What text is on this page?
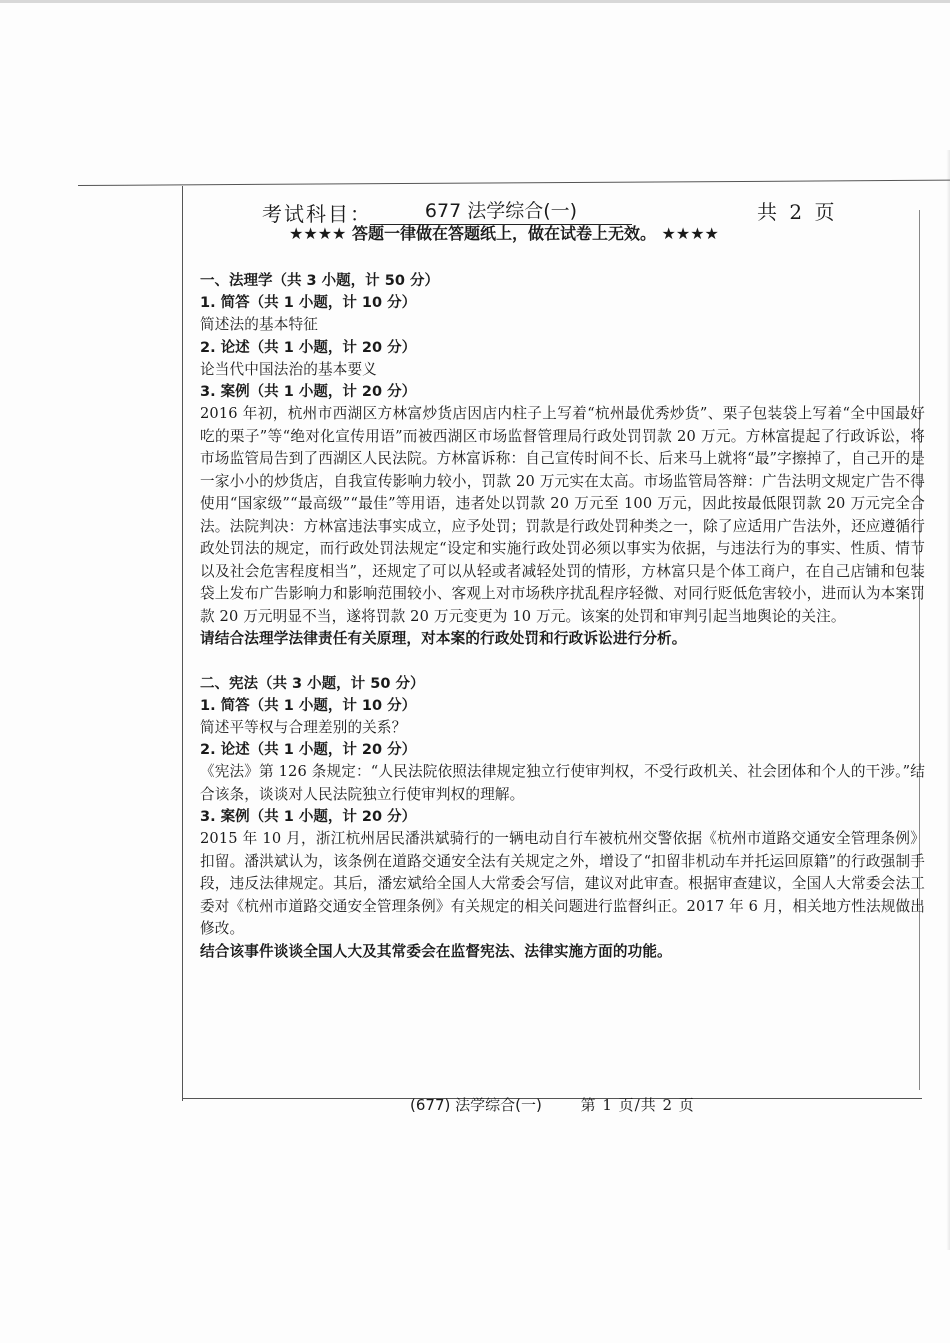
考试科目：	677 法学综合(一)	共 2 页
★★★★ 答题一律做在答题纸上，做在试卷上无效。 ★★★★

一、法理学（共 3 小题，计 50 分）

1. 简答（共 1 小题，计 10 分）

简述法的基本特征

2. 论述（共 1 小题，计 20 分）

论当代中国法治的基本要义

3. 案例（共 1 小题，计 20 分）

2016 年初，杭州市西湖区方林富炒货店因店内柱子上写着“杭州最优秀炒货”、栗子包装袋上写着“全中国最好吃的栗子”等“绝对化宣传用语”而被西湖区市场监督管理局行政处罚罚款 20 万元。方林富提起了行政诉讼，将市场监管局告到了西湖区人民法院。方林富诉称：自己宣传时间不长、后来马上就将“最”字擦掉了，自己开的是一家小小的炒货店，自我宣传影响力较小，罚款 20 万元实在太高。市场监管局答辩：广告法明文规定广告不得使用“国家级”“最高级”“最佳”等用语，违者处以罚款 20 万元至 100 万元，因此按最低限罚款 20 万元完全合法。法院判决：方林富违法事实成立，应予处罚；罚款是行政处罚种类之一，除了应适用广告法外，还应遵循行政处罚法的规定，而行政处罚法规定“设定和实施行政处罚必须以事实为依据，与违法行为的事实、性质、情节以及社会危害程度相当”，还规定了可以从轻或者减轻处罚的情形，方林富只是个体工商户，在自己店铺和包装袋上发布广告影响力和影响范围较小、客观上对市场秩序扰乱程序轻微、对同行贬低危害较小，进而认为本案罚款 20 万元明显不当，遂将罚款 20 万元变更为 10 万元。该案的处罚和审判引起当地舆论的关注。

请结合法理学法律责任有关原理，对本案的行政处罚和行政诉讼进行分析。

二、宪法（共 3 小题，计 50 分）

1. 简答（共 1 小题，计 10 分）

简述平等权与合理差别的关系？

2. 论述（共 1 小题，计 20 分）

《宪法》第 126 条规定：“人民法院依照法律规定独立行使审判权，不受行政机关、社会团体和个人的干涉。”结合该条，谈谈对人民法院独立行使审判权的理解。

3. 案例（共 1 小题，计 20 分）

2015 年 10 月，浙江杭州居民潘洪斌骑行的一辆电动自行车被杭州交警依据《杭州市道路交通安全管理条例》扣留。潘洪斌认为，该条例在道路交通安全法有关规定之外，增设了“扣留非机动车并托运回原籍”的行政强制手段，违反法律规定。其后，潘宏斌给全国人大常委会写信，建议对此审查。根据审查建议，全国人大常委会法工委对《杭州市道路交通安全管理条例》有关规定的相关问题进行监督纠正。2017 年 6 月，相关地方性法规做出修改。

结合该事件谈谈全国人大及其常委会在监督宪法、法律实施方面的功能。

(677) 法学综合(一)	第 1 页/共 2 页
